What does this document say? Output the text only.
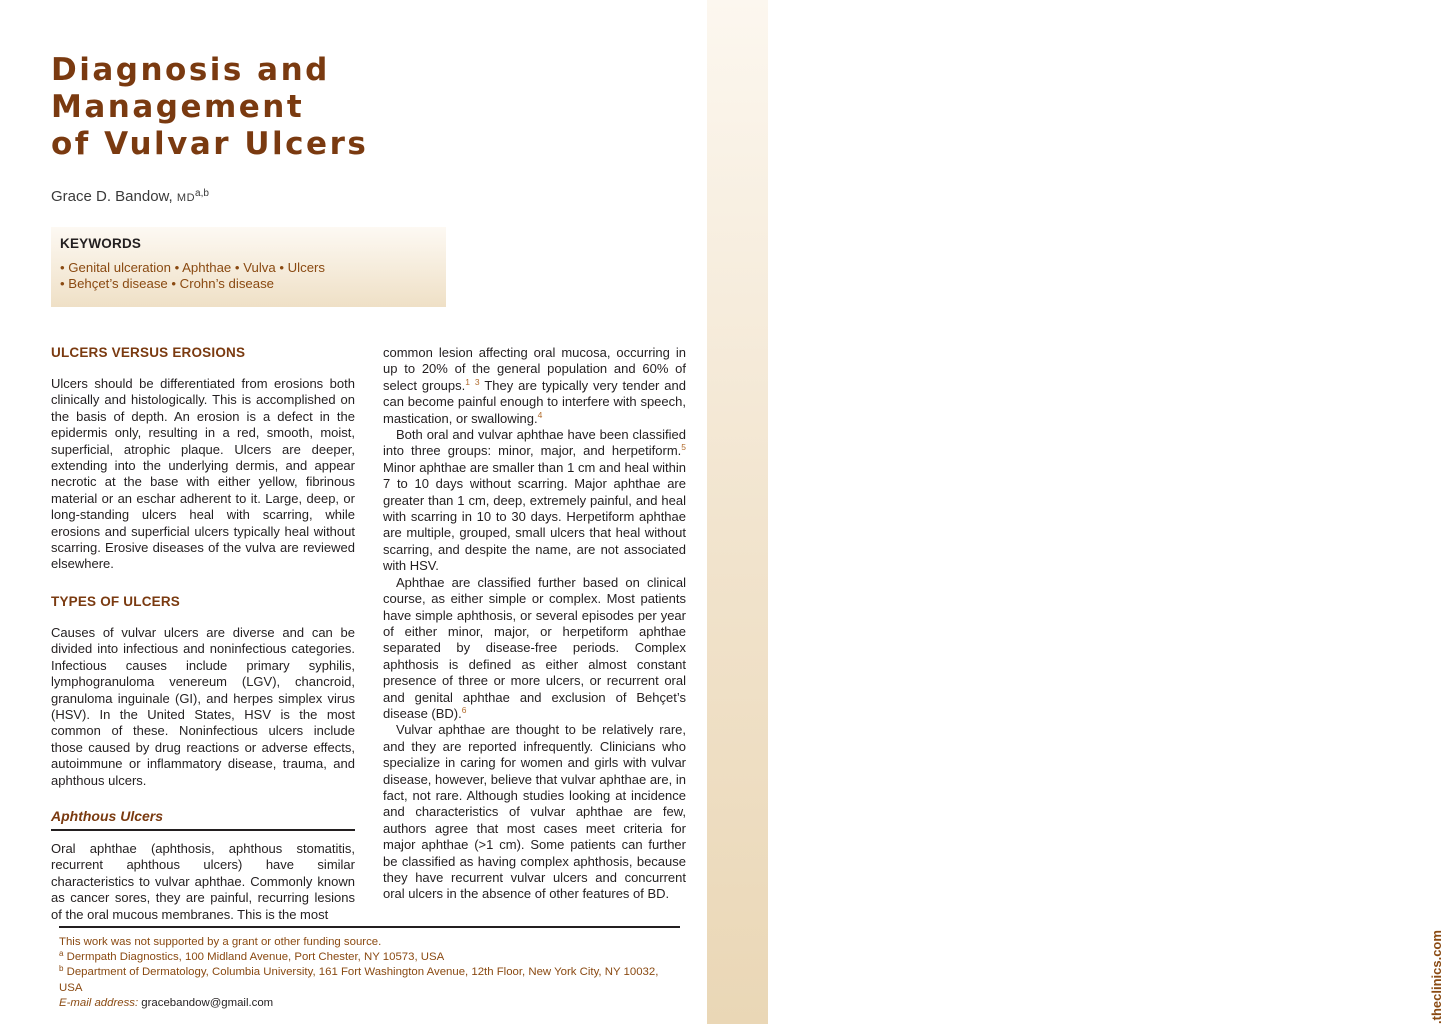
.theclinics.com
Diagnosis and
Management
of Vulvar Ulcers
Grace D. Bandow, MD$^{a,b}$
KEYWORDS
• Genital ulceration • Aphthae • Vulva • Ulcers
• Behçet’s disease • Crohn’s disease
ULCERS VERSUS EROSIONS

Ulcers should be differentiated from erosions both clinically and histologically. This is accomplished on the basis of depth. An erosion is a defect in the epidermis only, resulting in a red, smooth, moist, superficial, atrophic plaque. Ulcers are deeper, extending into the underlying dermis, and appear necrotic at the base with either yellow, fibrinous material or an eschar adherent to it. Large, deep, or long-standing ulcers heal with scarring, while erosions and superficial ulcers typically heal without scarring. Erosive diseases of the vulva are reviewed elsewhere.

TYPES OF ULCERS

Causes of vulvar ulcers are diverse and can be divided into infectious and noninfectious categories. Infectious causes include primary syphilis, lymphogranuloma venereum (LGV), chancroid, granuloma inguinale (GI), and herpes simplex virus (HSV). In the United States, HSV is the most common of these. Noninfectious ulcers include those caused by drug reactions or adverse effects, autoimmune or inflammatory disease, trauma, and aphthous ulcers.

Aphthous Ulcers

Oral aphthae (aphthosis, aphthous stomatitis, recurrent aphthous ulcers) have similar characteristics to vulvar aphthae. Commonly known as cancer sores, they are painful, recurring lesions of the oral mucous membranes. This is the most

common lesion affecting oral mucosa, occurring in up to 20% of the general population and 60% of select groups.$^1$ $^3$ They are typically very tender and can become painful enough to interfere with speech, mastication, or swallowing.$^4$

Both oral and vulvar aphthae have been classified into three groups: minor, major, and herpetiform.$^5$ Minor aphthae are smaller than 1 cm and heal within 7 to 10 days without scarring. Major aphthae are greater than 1 cm, deep, extremely painful, and heal with scarring in 10 to 30 days. Herpetiform aphthae are multiple, grouped, small ulcers that heal without scarring, and despite the name, are not associated with HSV.

Aphthae are classified further based on clinical course, as either simple or complex. Most patients have simple aphthosis, or several episodes per year of either minor, major, or herpetiform aphthae separated by disease-free periods. Complex aphthosis is defined as either almost constant presence of three or more ulcers, or recurrent oral and genital aphthae and exclusion of Behçet’s disease (BD).$^6$

Vulvar aphthae are thought to be relatively rare, and they are reported infrequently. Clinicians who specialize in caring for women and girls with vulvar disease, however, believe that vulvar aphthae are, in fact, not rare. Although studies looking at incidence and characteristics of vulvar aphthae are few, authors agree that most cases meet criteria for major aphthae (>1 cm). Some patients can further be classified as having complex aphthosis, because they have recurrent vulvar ulcers and concurrent oral ulcers in the absence of other features of BD.

This work was not supported by a grant or other funding source.
$^a$ Dermpath Diagnostics, 100 Midland Avenue, Port Chester, NY 10573, USA
$^b$ Department of Dermatology, Columbia University, 161 Fort Washington Avenue, 12th Floor, New York City, NY 10032, USA
E-mail address: gracebandow@gmail.com
